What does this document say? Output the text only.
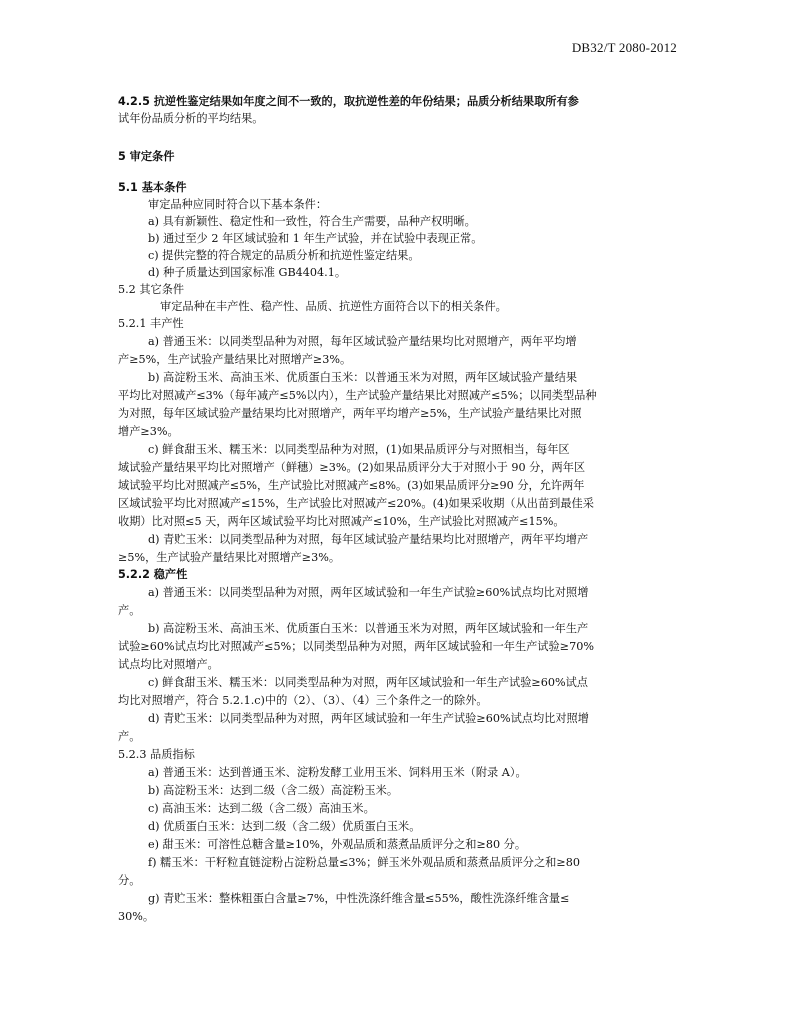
DB32/T 2080-2012
4.2.5 抗逆性鉴定结果如年度之间不一致的，取抗逆性差的年份结果；品质分析结果取所有参
试年份品质分析的平均结果。
5 审定条件
5.1 基本条件
审定品种应同时符合以下基本条件：
a) 具有新颖性、稳定性和一致性，符合生产需要，品种产权明晰。
b) 通过至少 2 年区域试验和 1 年生产试验，并在试验中表现正常。
c) 提供完整的符合规定的品质分析和抗逆性鉴定结果。
d) 种子质量达到国家标准 GB4404.1。
5.2 其它条件
审定品种在丰产性、稳产性、品质、抗逆性方面符合以下的相关条件。
5.2.1 丰产性
a) 普通玉米：以同类型品种为对照，每年区域试验产量结果均比对照增产，两年平均增
产≥5%，生产试验产量结果比对照增产≥3%。
b) 高淀粉玉米、高油玉米、优质蛋白玉米：以普通玉米为对照，两年区域试验产量结果
平均比对照减产≤3%（每年减产≤5%以内），生产试验产量结果比对照减产≤5%；以同类型品种
为对照，每年区域试验产量结果均比对照增产，两年平均增产≥5%，生产试验产量结果比对照
增产≥3%。
c) 鲜食甜玉米、糯玉米：以同类型品种为对照，(1)如果品质评分与对照相当，每年区
域试验产量结果平均比对照增产（鲜穗）≥3%。(2)如果品质评分大于对照小于 90 分，两年区
域试验平均比对照减产≤5%，生产试验比对照减产≤8%。(3)如果品质评分≥90 分，允许两年
区域试验平均比对照减产≤15%，生产试验比对照减产≤20%。(4)如果采收期（从出苗到最佳采
收期）比对照≤5 天，两年区域试验平均比对照减产≤10%，生产试验比对照减产≤15%。
d) 青贮玉米：以同类型品种为对照，每年区域试验产量结果均比对照增产，两年平均增产
≥5%，生产试验产量结果比对照增产≥3%。
5.2.2 稳产性
a) 普通玉米：以同类型品种为对照，两年区域试验和一年生产试验≥60%试点均比对照增
产。
b) 高淀粉玉米、高油玉米、优质蛋白玉米：以普通玉米为对照，两年区域试验和一年生产
试验≥60%试点均比对照减产≤5%；以同类型品种为对照，两年区域试验和一年生产试验≥70%
试点均比对照增产。
c) 鲜食甜玉米、糯玉米：以同类型品种为对照，两年区域试验和一年生产试验≥60%试点
均比对照增产，符合 5.2.1.c)中的（2）、（3）、（4）三个条件之一的除外。
d) 青贮玉米：以同类型品种为对照，两年区域试验和一年生产试验≥60%试点均比对照增
产。
5.2.3 品质指标
a) 普通玉米：达到普通玉米、淀粉发酵工业用玉米、饲料用玉米（附录 A）。
b) 高淀粉玉米：达到二级（含二级）高淀粉玉米。
c) 高油玉米：达到二级（含二级）高油玉米。
d) 优质蛋白玉米：达到二级（含二级）优质蛋白玉米。
e) 甜玉米：可溶性总糖含量≥10%，外观品质和蒸煮品质评分之和≥80 分。
f) 糯玉米：干籽粒直链淀粉占淀粉总量≤3%；鲜玉米外观品质和蒸煮品质评分之和≥80
分。
g) 青贮玉米：整株粗蛋白含量≥7%，中性洗涤纤维含量≤55%，酸性洗涤纤维含量≤
30%。
